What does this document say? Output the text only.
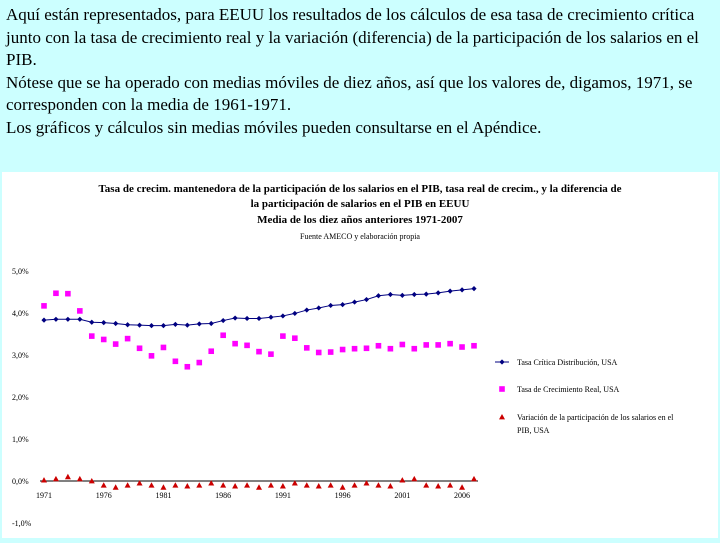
Aquí están representados, para EEUU los resultados de los cálculos de esa tasa de crecimiento crítica junto con la tasa de crecimiento real y la variación (diferencia) de la participación de los salarios en el PIB.

Nótese que se ha operado con medias móviles de diez años, así que los valores de, digamos, 1971, se corresponden con la media de 1961-1971.

Los gráficos y cálculos sin medias móviles pueden consultarse en el Apéndice.

Tasa de crecim. mantenedora de la participación de los salarios en el PIB, tasa real de crecim., y la diferencia de
la participación de salarios en el PIB en EEUU
Media de los diez años anteriores 1971-2007
Fuente AMECO y elaboración propia
5,0%
4,0%
3,0%
2,0%
1,0%
0,0%
-1,0%
1971	1976	1981	1986	1991	1996	2001	2006
Tasa Crítica Distribución, USA
Tasa de Crecimiento Real, USA
Variación de la participación de los salarios en el
PIB, USA
